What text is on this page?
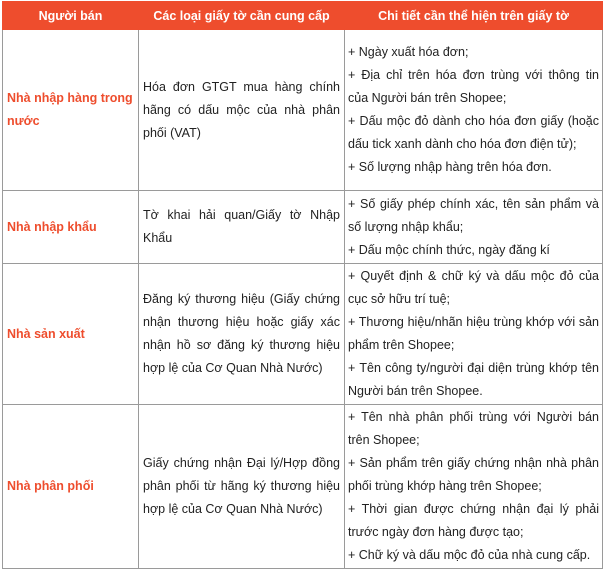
Người bán	Các loại giấy tờ cần cung cấp	Chi tiết cần thể hiện trên giấy tờ
Nhà nhập hàng trong nước	Hóa đơn GTGT mua hàng chính hãng có dấu mộc của nhà phân phối (VAT)	+ Ngày xuất hóa đơn;
+ Địa chỉ trên hóa đơn trùng với thông tin của Người bán trên Shopee;
+ Dấu mộc đỏ dành cho hóa đơn giấy (hoặc dấu tick xanh dành cho hóa đơn điện tử);
+ Số lượng nhập hàng trên hóa đơn.

Nhà nhập khẩu	Tờ khai hải quan/Giấy tờ Nhập Khẩu	+ Số giấy phép chính xác, tên sản phẩm và số lượng nhập khẩu;
+ Dấu mộc chính thức, ngày đăng kí

Nhà sản xuất	Đăng ký thương hiệu (Giấy chứng nhận thương hiệu hoặc giấy xác nhận hồ sơ đăng ký thương hiệu hợp lệ của Cơ Quan Nhà Nước)	+ Quyết định & chữ ký và dấu mộc đỏ của cục sở hữu trí tuệ;
+ Thương hiệu/nhãn hiệu trùng khớp với sản phẩm trên Shopee;
+ Tên công ty/người đại diện trùng khớp tên Người bán trên Shopee.

Nhà phân phối	Giấy chứng nhận Đại lý/Hợp đồng phân phối từ hãng ký thương hiệu hợp lệ của Cơ Quan Nhà Nước)	+ Tên nhà phân phối trùng với Người bán trên Shopee;
+ Sản phẩm trên giấy chứng nhận nhà phân phối trùng khớp hàng trên Shopee;
+ Thời gian được chứng nhận đại lý phải trước ngày đơn hàng được tạo;
+ Chữ ký và dấu mộc đỏ của nhà cung cấp.
